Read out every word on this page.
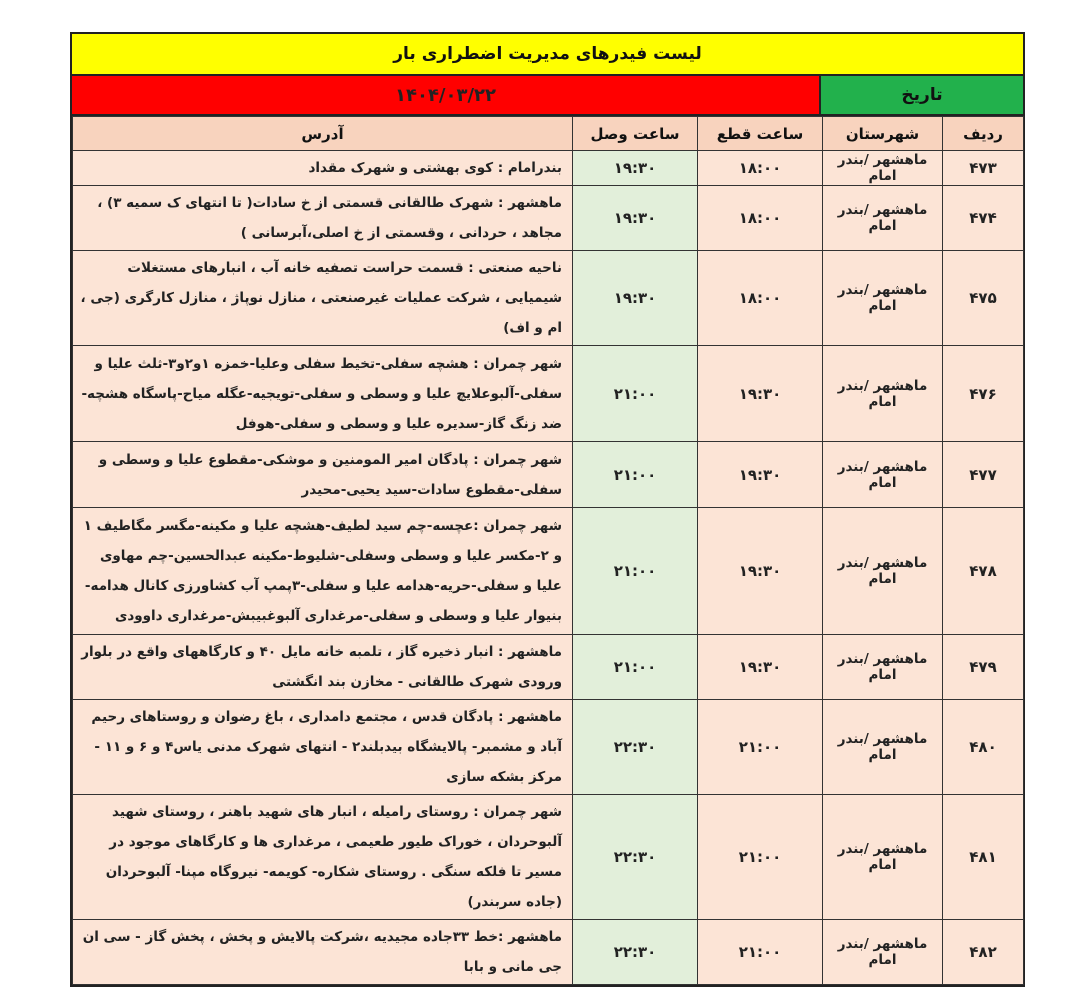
لیست فیدرهای مدیریت اضطراری بار
۱۴۰۴/۰۳/۲۲	تاریخ
آدرس	ساعت وصل	ساعت قطع	شهرستان	ردیف
بندرامام : کوی بهشتی و شهرک مقداد	۱۹:۳۰	۱۸:۰۰	ماهشهر /بندر امام	۴۷۳
ماهشهر : شهرک طالقانی قسمتی از خ سادات( تا انتهای ک سمیه ۳) ، مجاهد ، حردانی ، وقسمتی از خ اصلی،آبرسانی )	۱۹:۳۰	۱۸:۰۰	ماهشهر /بندر امام	۴۷۴
ناحیه صنعتی : قسمت حراست تصفیه خانه آب ، انبارهای مستغلات شیمیایی ، شرکت عملیات غیرصنعتی ، منازل نوپاژ ، منازل کارگری (جی ، ام و اف)	۱۹:۳۰	۱۸:۰۰	ماهشهر /بندر امام	۴۷۵
شهر چمران : هشچه سفلی-تخیط سفلی وعلیا-خمزه ۱و۲و۳-ثلث علیا و سفلی-آلبوعلایچ علیا و وسطی و سفلی-تویجیه-عگله میاح-پاسگاه هشچه-ضد زنگ گاز-سدیره علیا و وسطی و سفلی-هوفل	۲۱:۰۰	۱۹:۳۰	ماهشهر /بندر امام	۴۷۶
شهر چمران : پادگان امیر المومنین و موشکی-مقطوع علیا و وسطی و سفلی-مقطوع سادات-سید یحیی-محیدر	۲۱:۰۰	۱۹:۳۰	ماهشهر /بندر امام	۴۷۷
شهر چمران :عچسه-چم سید لطیف-هشچه علیا و مکینه-مگسر مگاطیف ۱ و ۲-مکسر علیا و وسطی وسفلی-شلیوط-مکینه عبدالحسین-چم مهاوی علیا و سفلی-حریه-هدامه علیا و سفلی-۳پمپ آب کشاورزی کانال هدامه-بنیوار علیا و وسطی و سفلی-مرغداری آلبوغبیبش-مرغداری داوودی	۲۱:۰۰	۱۹:۳۰	ماهشهر /بندر امام	۴۷۸
ماهشهر : انبار ذخیره گاز ، تلمبه خانه مایل ۴۰ و کارگاههای واقع در بلوار ورودی شهرک طالقانی - مخازن بند انگشتی	۲۱:۰۰	۱۹:۳۰	ماهشهر /بندر امام	۴۷۹
ماهشهر : پادگان قدس ، مجتمع دامداری ، باغ رضوان و روستاهای رحیم آباد و مشمبر- پالایشگاه بیدبلند۲ - انتهای شهرک مدنی یاس۴ و ۶ و ۱۱ - مرکز بشکه سازی	۲۲:۳۰	۲۱:۰۰	ماهشهر /بندر امام	۴۸۰
شهر چمران : روستای رامیله ، انبار های شهید باهنر ، روستای شهید آلبوحردان ، خوراک طیور طعیمی ، مرغداری ها و کارگاهای موجود در مسیر تا فلکه سنگی . روستای شکاره- کویمه- نیروگاه مپنا- آلبوحردان (جاده سربندر)	۲۲:۳۰	۲۱:۰۰	ماهشهر /بندر امام	۴۸۱
ماهشهر :خط ۳۳جاده مجیدیه ،شرکت پالایش و پخش ، پخش گاز - سی ان جی مانی و بابا	۲۲:۳۰	۲۱:۰۰	ماهشهر /بندر امام	۴۸۲
